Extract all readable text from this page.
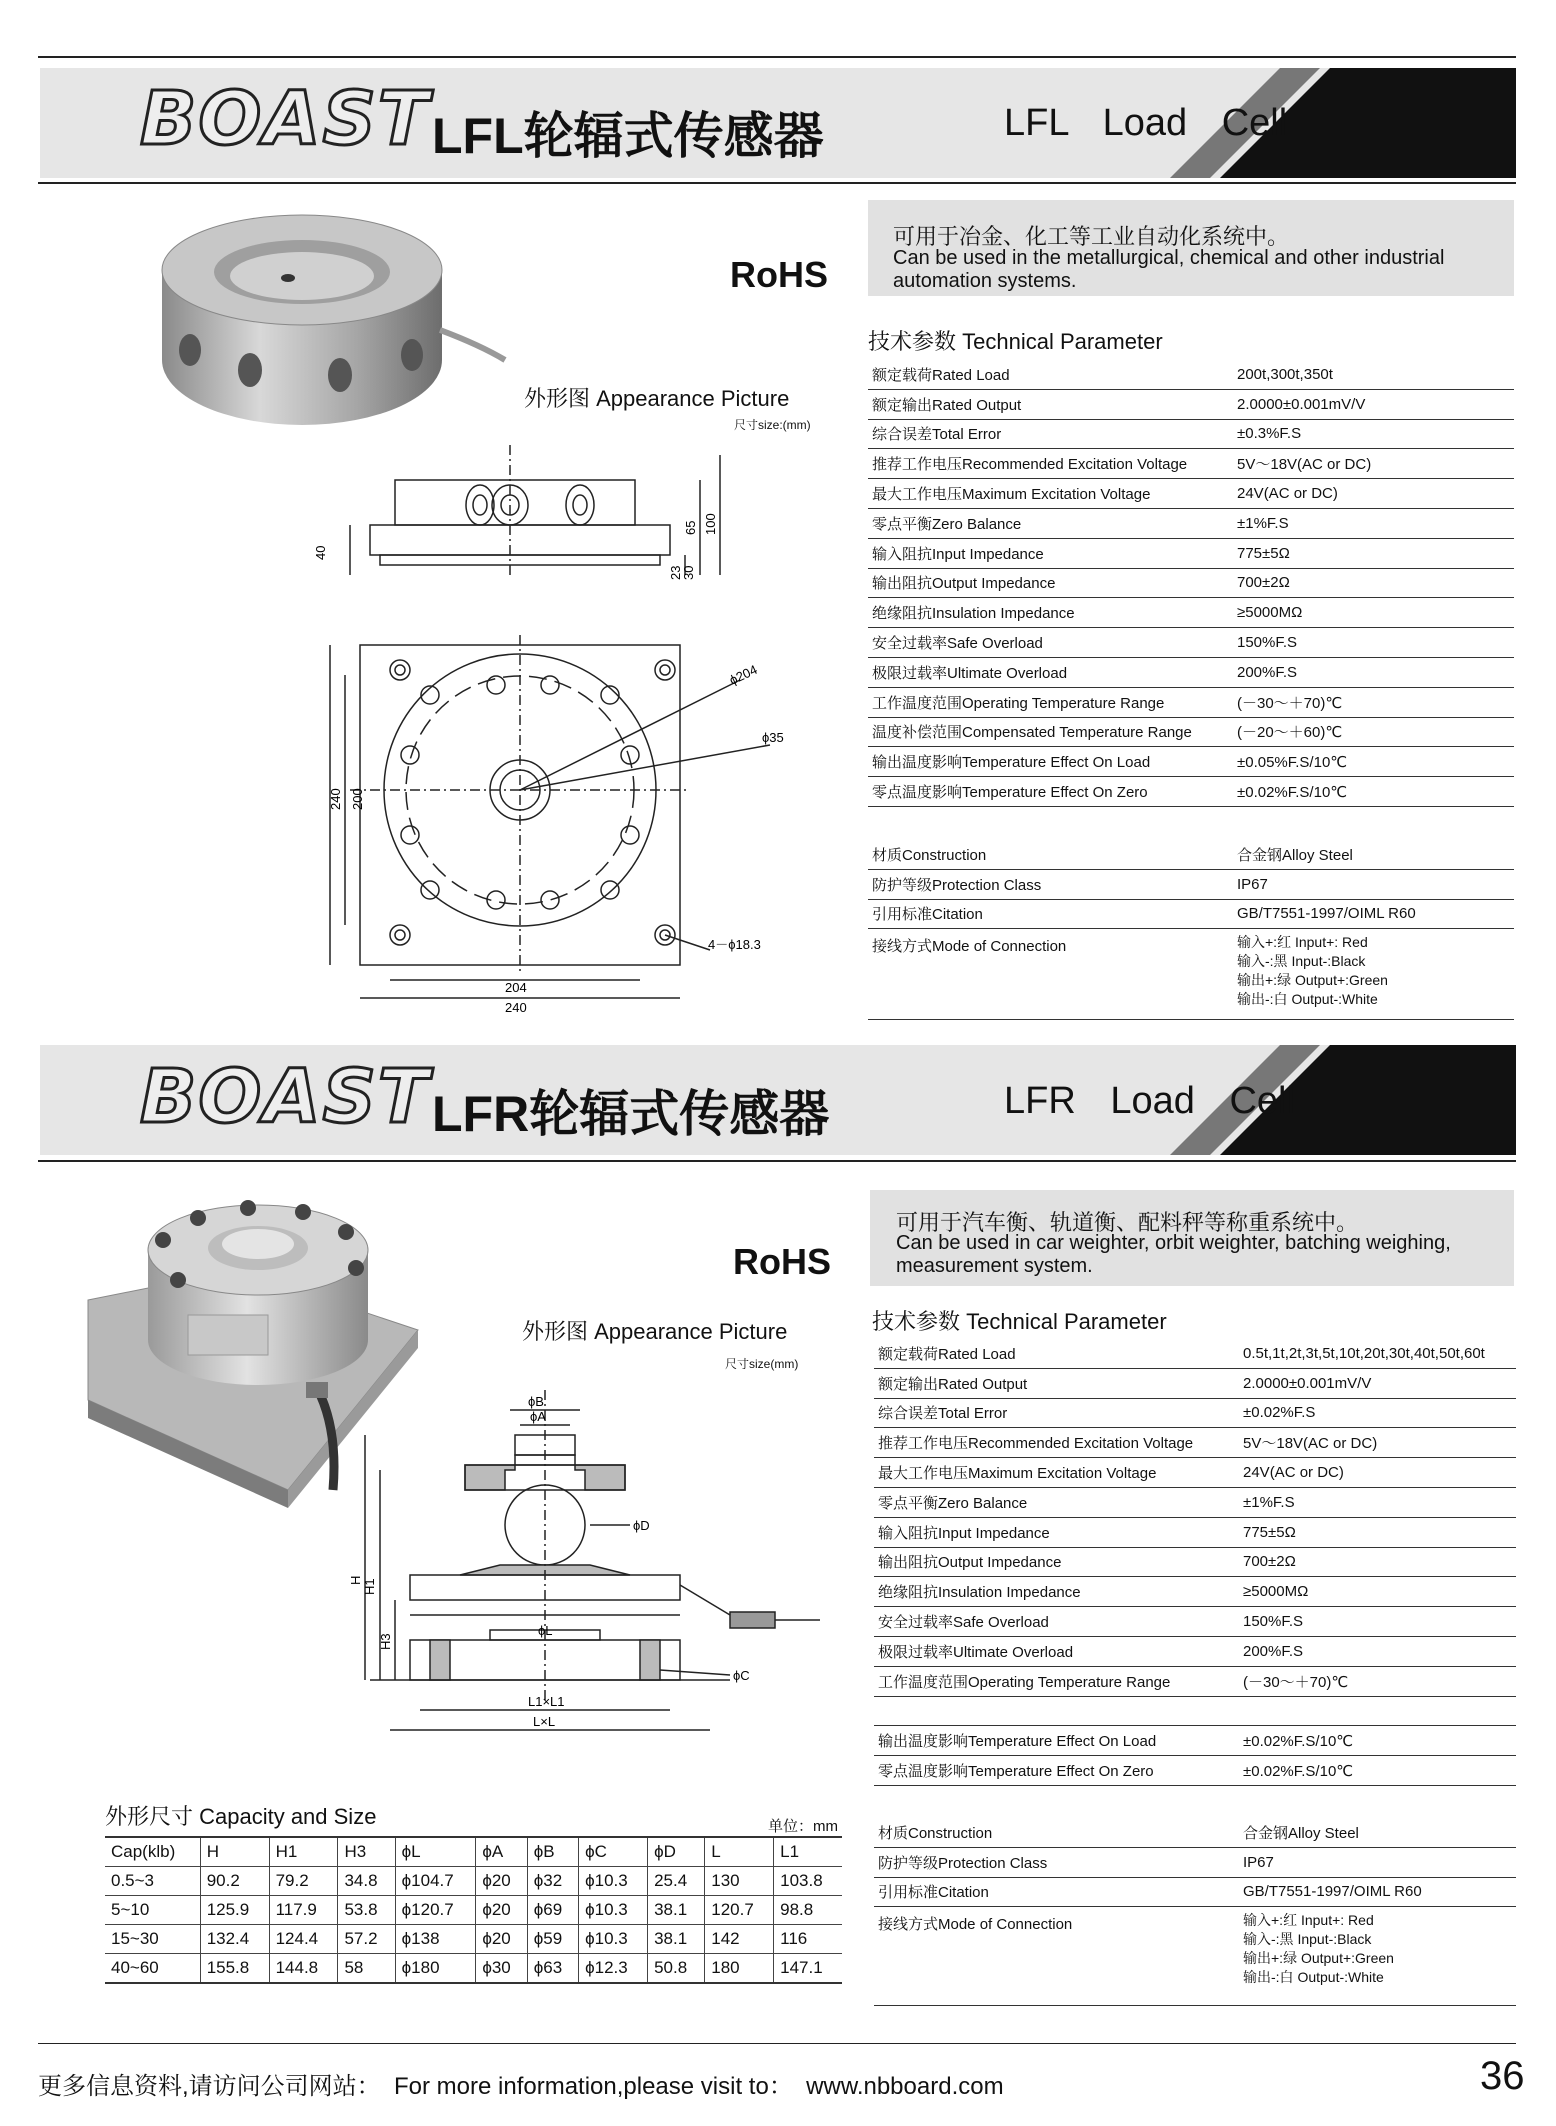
BOAST LFL轮辐式传感器	LFL Load Cell
RoHS
可用于冶金、化工等工业自动化系统中。
Can be used in the metallurgical, chemical and other industrial automation systems.
技术参数 Technical Parameter
外形图 Appearance Picture
尺寸size:(mm)
40
65 100
23
30
ϕ204
ϕ35
240 200
4－ϕ18.3
204
240
额定载荷Rated Load	200t,300t,350t
额定输出Rated Output	2.0000±0.001mV/V
综合误差Total Error	±0.3%F.S
推荐工作电压Recommended Excitation Voltage	5V～18V(AC or DC)
最大工作电压Maximum Excitation Voltage	24V(AC or DC)
零点平衡Zero Balance	±1%F.S
输入阻抗Input Impedance	775±5Ω
输出阻抗Output Impedance	700±2Ω
绝缘阻抗Insulation Impedance	≥5000MΩ
安全过载率Safe Overload	150%F.S
极限过载率Ultimate Overload	200%F.S
工作温度范围Operating Temperature Range	(－30～＋70)℃
温度补偿范围Compensated Temperature Range	(－20～＋60)℃
输出温度影响Temperature Effect On Load	±0.05%F.S/10℃
零点温度影响Temperature Effect On Zero	±0.02%F.S/10℃
材质Construction	合金钢Alloy Steel
防护等级Protection Class	IP67
引用标准Citation	GB/T7551-1997/OIML R60
接线方式Mode of Connection	输入+:红 Input+: Red
输入-:黑 Input-:Black
输出+:绿 Output+:Green
输出-:白 Output-:White
BOAST LFR轮辐式传感器	LFR Load Cell
RoHS
可用于汽车衡、轨道衡、配料秤等称重系统中。
Can be used in car weighter, orbit weighter, batching weighing, measurement system.
技术参数 Technical Parameter
外形图 Appearance Picture
尺寸size(mm)
ϕB
ϕA
ϕD
H1
H
H3
ϕL
ϕC
L1×L1
L×L
额定载荷Rated Load	0.5t,1t,2t,3t,5t,10t,20t,30t,40t,50t,60t
额定输出Rated Output	2.0000±0.001mV/V
综合误差Total Error	±0.02%F.S
推荐工作电压Recommended Excitation Voltage	5V～18V(AC or DC)
最大工作电压Maximum Excitation Voltage	24V(AC or DC)
零点平衡Zero Balance	±1%F.S
输入阻抗Input Impedance	775±5Ω
输出阻抗Output Impedance	700±2Ω
绝缘阻抗Insulation Impedance	≥5000MΩ
安全过载率Safe Overload	150%F.S
极限过载率Ultimate Overload	200%F.S
工作温度范围Operating Temperature Range	(－30～＋70)℃

输出温度影响Temperature Effect On Load	±0.02%F.S/10℃
零点温度影响Temperature Effect On Zero	±0.02%F.S/10℃
材质Construction	合金钢Alloy Steel
防护等级Protection Class	IP67
引用标准Citation	GB/T7551-1997/OIML R60
接线方式Mode of Connection	输入+:红 Input+: Red
输入-:黑 Input-:Black
输出+:绿 Output+:Green
输出-:白 Output-:White
外形尺寸 Capacity and Size	单位：mm
Cap(klb)	H	H1	H3	ϕL	ϕA	ϕB	ϕC	ϕD	L	L1
0.5~3	90.2	79.2	34.8	ϕ104.7	ϕ20	ϕ32	ϕ10.3	25.4	130	103.8
5~10	125.9	117.9	53.8	ϕ120.7	ϕ20	ϕ69	ϕ10.3	38.1	120.7	98.8
15~30	132.4	124.4	57.2	ϕ138	ϕ20	ϕ59	ϕ10.3	38.1	142	116
40~60	155.8	144.8	58	ϕ180	ϕ30	ϕ63	ϕ12.3	50.8	180	147.1
更多信息资料,请访问公司网站：  For more information,please visit to：  www.nbboard.com	36
